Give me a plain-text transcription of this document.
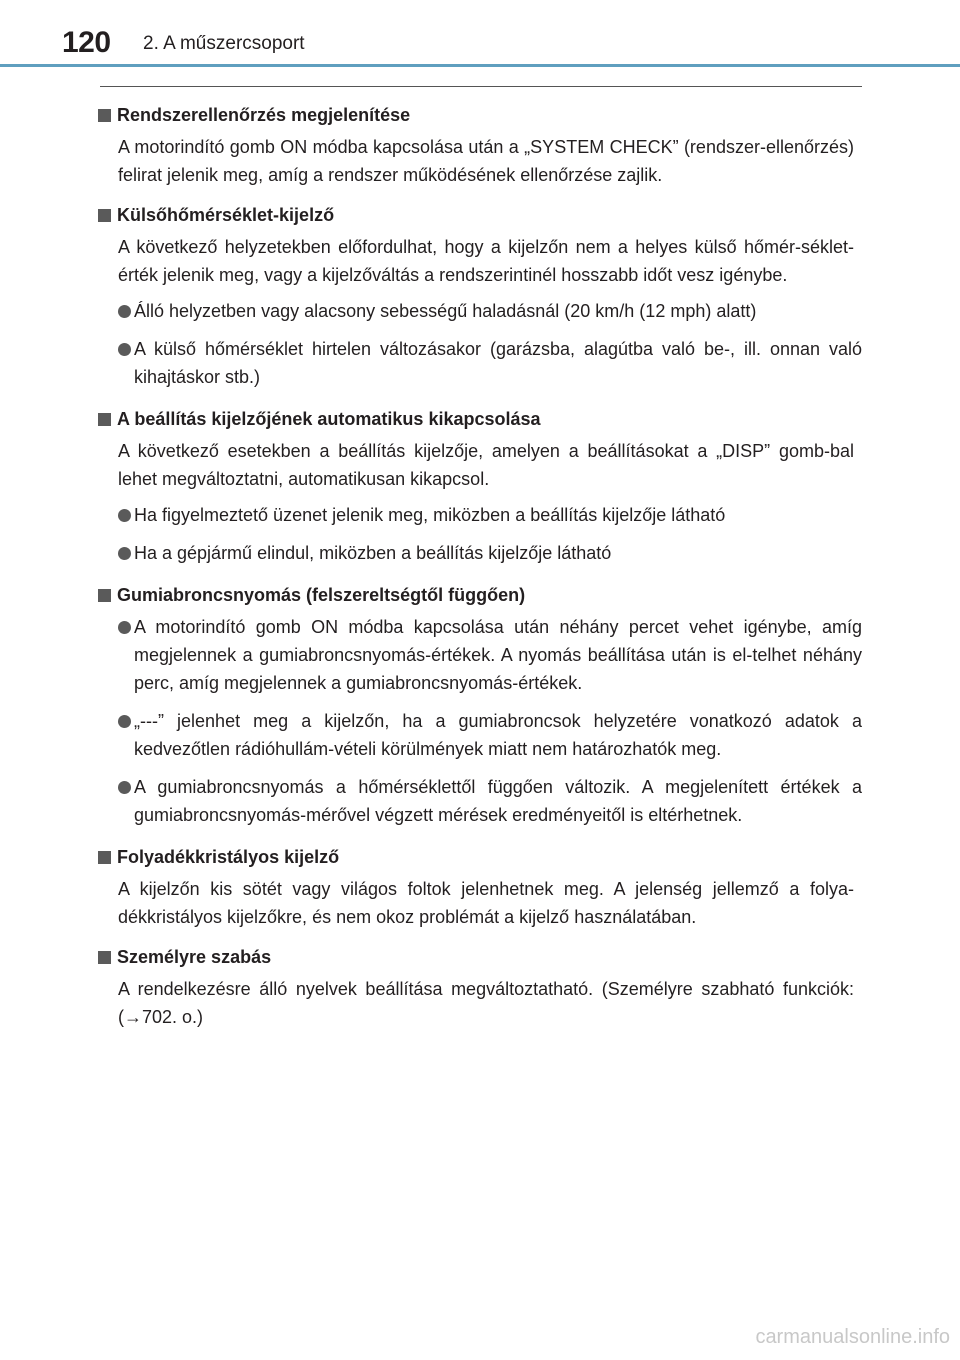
120 2. A műszercsoport
Rendszerellenőrzés megjelenítése
A motorindító gomb ON módba kapcsolása után a „SYSTEM CHECK” (rendszer-ellenőrzés) felirat jelenik meg, amíg a rendszer működésének ellenőrzése zajlik.
Külsőhőmérséklet-kijelző
A következő helyzetekben előfordulhat, hogy a kijelzőn nem a helyes külső hőmér-séklet-érték jelenik meg, vagy a kijelzőváltás a rendszerintinél hosszabb időt vesz igénybe.
Álló helyzetben vagy alacsony sebességű haladásnál (20 km/h (12 mph) alatt)
A külső hőmérséklet hirtelen változásakor (garázsba, alagútba való be-, ill. onnan való kihajtáskor stb.)
A beállítás kijelzőjének automatikus kikapcsolása
A következő esetekben a beállítás kijelzője, amelyen a beállításokat a „DISP” gomb-bal lehet megváltoztatni, automatikusan kikapcsol.
Ha figyelmeztető üzenet jelenik meg, miközben a beállítás kijelzője látható
Ha a gépjármű elindul, miközben a beállítás kijelzője látható
Gumiabroncsnyomás (felszereltségtől függően)
A motorindító gomb ON módba kapcsolása után néhány percet vehet igénybe, amíg megjelennek a gumiabroncsnyomás-értékek. A nyomás beállítása után is el-telhet néhány perc, amíg megjelennek a gumiabroncsnyomás-értékek.
„---” jelenhet meg a kijelzőn, ha a gumiabroncsok helyzetére vonatkozó adatok a kedvezőtlen rádióhullám-vételi körülmények miatt nem határozhatók meg.
A gumiabroncsnyomás a hőmérséklettől függően változik. A megjelenített értékek a gumiabroncsnyomás-mérővel végzett mérések eredményeitől is eltérhetnek.
Folyadékkristályos kijelző
A kijelzőn kis sötét vagy világos foltok jelenhetnek meg. A jelenség jellemző a folya-dékkristályos kijelzőkre, és nem okoz problémát a kijelző használatában.
Személyre szabás
A rendelkezésre álló nyelvek beállítása megváltoztatható. (Személyre szabható funkciók: (→702. o.)
carmanualsonline.info
